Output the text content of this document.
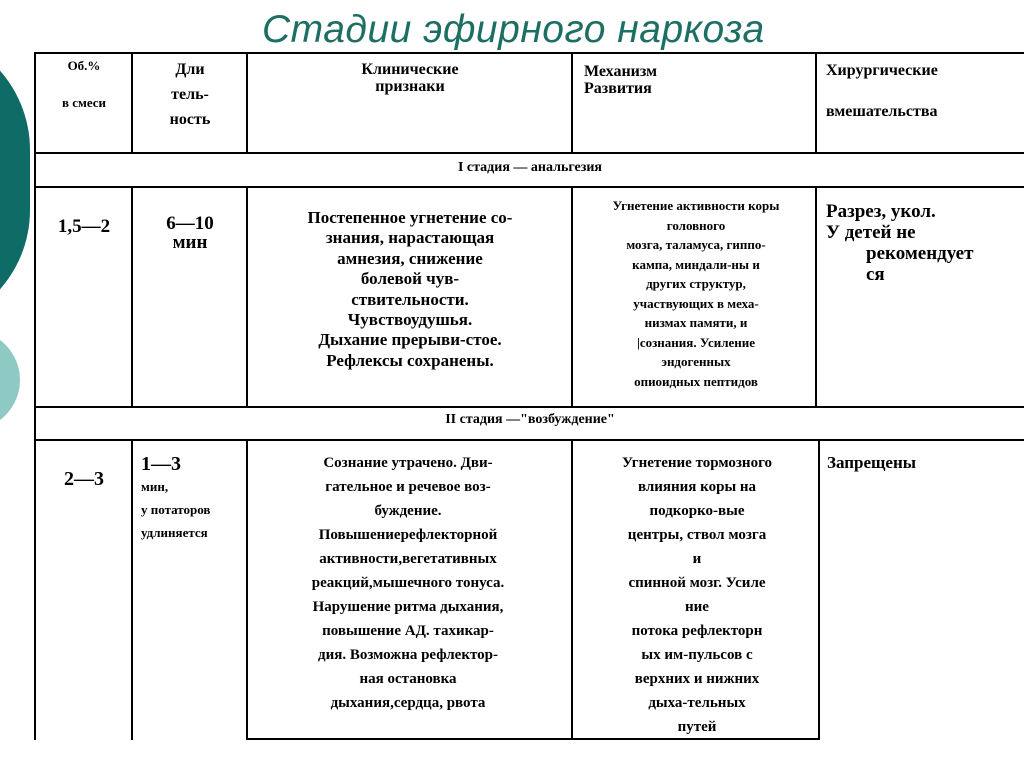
Стадии эфирного наркоза
Об.%
в смеси
Дли
тель-
ность
Клинические
признаки
Механизм
Развития
Хирургические
вмешательства
I стадия — анальгезия
1,5—2	6—10
мин
Постепенное угнетение со-
знания, нарастающая
амнезия, снижение
болевой чув-
ствительности.
Чувствоудушья.
Дыхание прерыви-стое.
Рефлексы сохранены.
Угнетение активности коры
головного
мозга, таламуса, гиппо-
кампа, миндали-ны и
других структур,
участвующих в меха-
низмах памяти, и
|сознания. Усиление
эндогенных
опиоидных пептидов
Разрез, укол.
У детей не
рекомендует
ся
II стадия —"возбуждение"
2—3
1—3
мин,
у потаторов
удлиняется
Сознание утрачено. Дви-
гательное и речевое воз-
буждение.
Повышениерефлекторной
активности,вегетативных
реакций,мышечного тонуса.
Нарушение ритма дыхания,
повышение АД. тахикар-
дия. Возможна рефлектор-
ная остановка
дыхания,сердца, рвота
Угнетение тормозного
влияния коры на
подкорко-вые
центры, ствол мозга
и
спинной мозг. Усиле
ние
потока рефлекторн
ых им-пульсов с
верхних и нижних
дыха-тельных
путей
Запрещены
